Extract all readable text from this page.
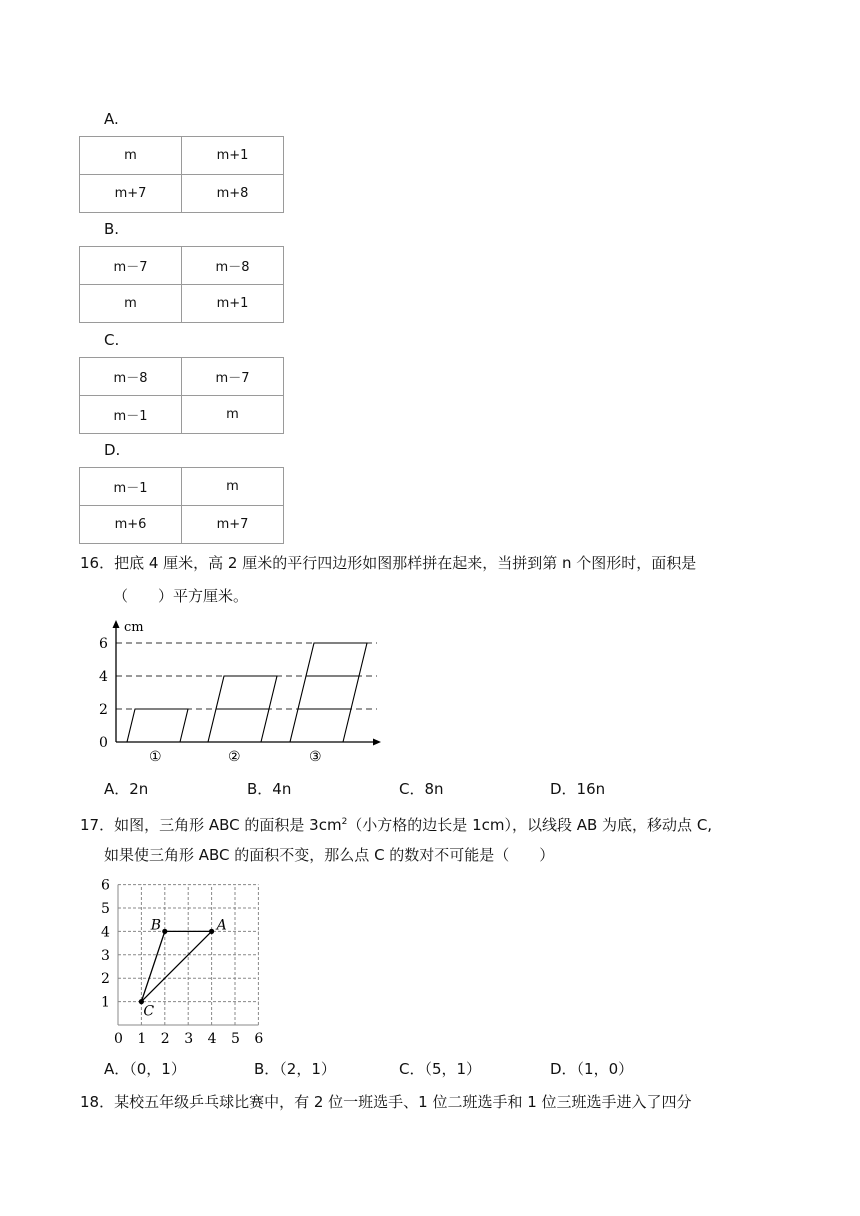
A.
m	m+1
m+7	m+8
B.
m－7	m－8
m	m+1
C.
m－8	m－7
m－1	m
D.
m－1	m
m+6	m+7
16．把底 4 厘米，高 2 厘米的平行四边形如图那样拼在起来，当拼到第 n 个图形时，面积是
（　　）平方厘米。
cm
0
2
4
6
①	②	③
A．2n	B．4n	C．8n	D．16n
17．如图，三角形 ABC 的面积是 $3cm^2$（小方格的边长是 1cm），以线段 AB 为底，移动点 C,
如果使三角形 ABC 的面积不变，那么点 C 的数对不可能是（　　）
0 1 2 3 4 5 6
1
2
3
4
5
6
A
B
C
A．（0，1）	B．（2，1）	C．（5，1）	D．（1，0）
18．某校五年级乒乓球比赛中，有 2 位一班选手、1 位二班选手和 1 位三班选手进入了四分
